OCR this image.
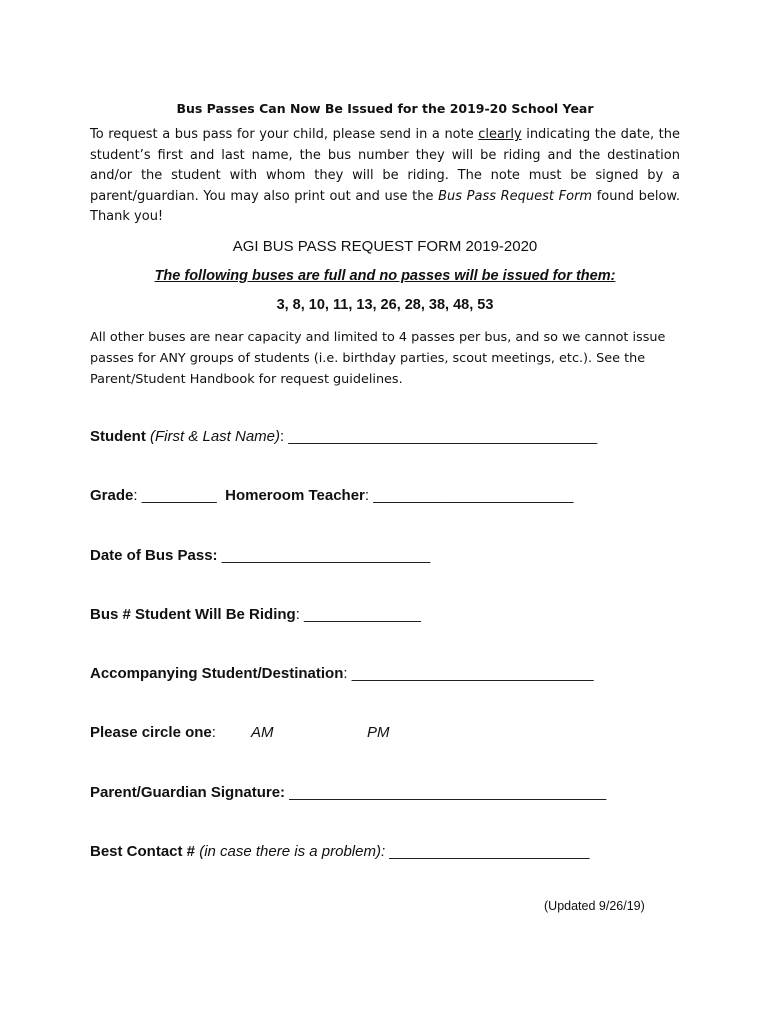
Bus Passes Can Now Be Issued for the 2019-20 School Year
To request a bus pass for your child, please send in a note clearly indicating the date, the student’s first and last name, the bus number they will be riding and the destination and/or the student with whom they will be riding. The note must be signed by a parent/guardian. You may also print out and use the Bus Pass Request Form found below. Thank you!
AGI BUS PASS REQUEST FORM 2019-2020
The following buses are full and no passes will be issued for them:
3, 8, 10, 11, 13, 26, 28, 38, 48, 53
All other buses are near capacity and limited to 4 passes per bus, and so we cannot issue passes for ANY groups of students (i.e. birthday parties, scout meetings, etc.). See the Parent/Student Handbook for request guidelines.
Student (First & Last Name): _____________________________________
Grade: _________ Homeroom Teacher: ________________________
Date of Bus Pass: _________________________
Bus # Student Will Be Riding: ______________
Accompanying Student/Destination: _____________________________
Please circle one: AM	PM
Parent/Guardian Signature: ______________________________________
Best Contact # (in case there is a problem): ________________________
(Updated 9/26/19)
